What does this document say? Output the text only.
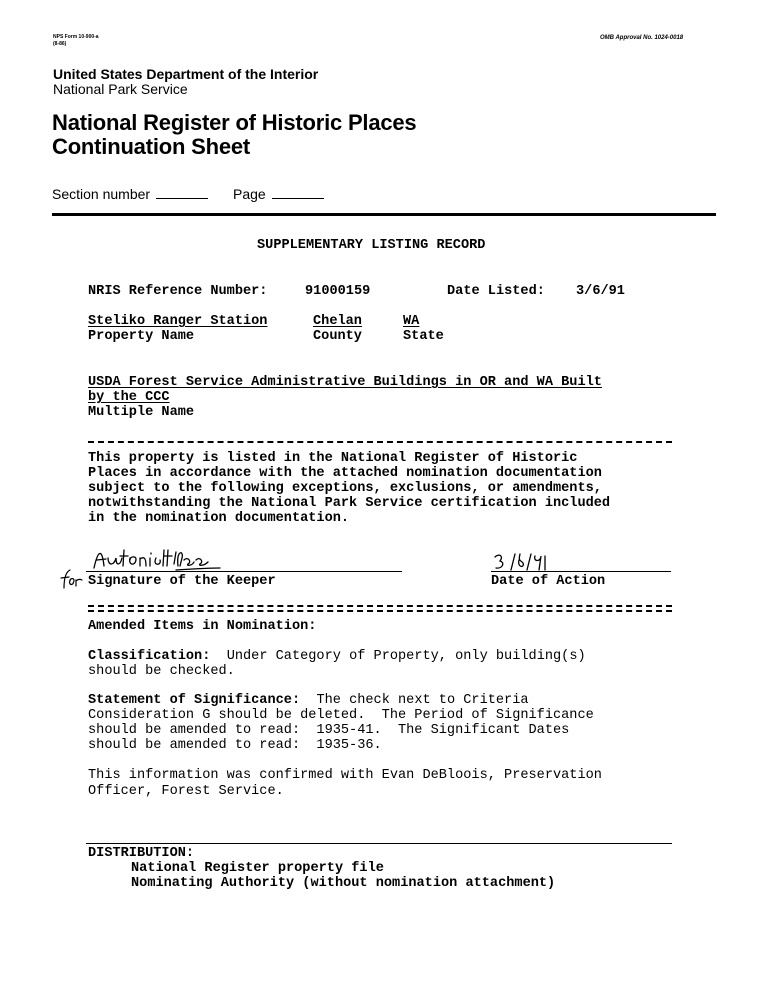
NPS Form 10-900-a
(8-86)
OMB Approval No. 1024-0018
United States Department of the Interior
National Park Service
National Register of Historic Places
Continuation Sheet
Section number	Page
SUPPLEMENTARY LISTING RECORD
NRIS Reference Number:	91000159	Date Listed: 3/6/91
Steliko Ranger Station	Chelan	WA
Property Name	County	State
USDA Forest Service Administrative Buildings in OR and WA Built
by the CCC
Multiple Name
This property is listed in the National Register of Historic
Places in accordance with the attached nomination documentation
subject to the following exceptions, exclusions, or amendments,
notwithstanding the National Park Service certification included
in the nomination documentation.
Signature of the Keeper	Date of Action
Amended Items in Nomination:
Classification: Under Category of Property, only building(s)
should be checked.
Statement of Significance: The check next to Criteria
Consideration G should be deleted.  The Period of Significance
should be amended to read:  1935-41.  The Significant Dates
should be amended to read:  1935-36.
This information was confirmed with Evan DeBloois, Preservation
Officer, Forest Service.
DISTRIBUTION:
National Register property file
Nominating Authority (without nomination attachment)
